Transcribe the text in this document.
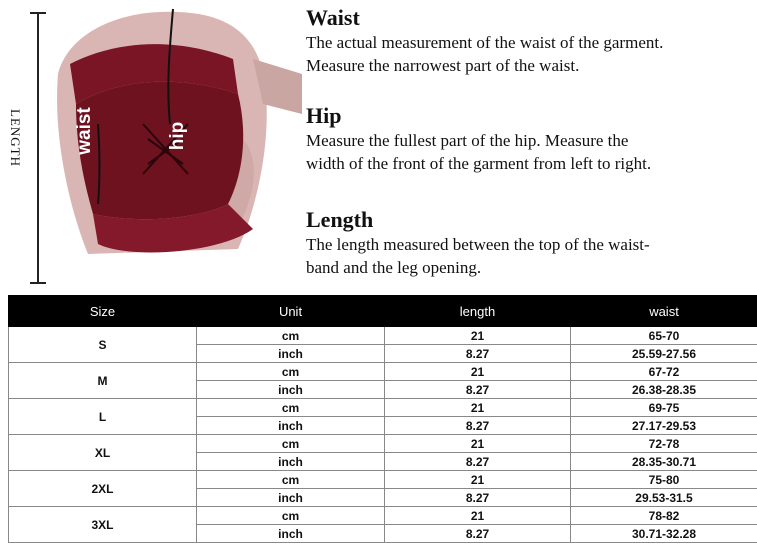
LENGTH	waist	hip
Waist

The actual measurement of the waist of the garment.

Measure the narrowest part of the waist.

Hip

Measure the fullest part of the hip. Measure the

width of the front of the garment from left to right.

Length

The length measured between the top of the waist-

band and the leg opening.

Size	Unit	length	waist
S	cm	21	65-70
	inch	8.27	25.59-27.56
M	cm	21	67-72
	inch	8.27	26.38-28.35
L	cm	21	69-75
	inch	8.27	27.17-29.53
XL	cm	21	72-78
	inch	8.27	28.35-30.71
2XL	cm	21	75-80
	inch	8.27	29.53-31.5
3XL	cm	21	78-82
	inch	8.27	30.71-32.28
